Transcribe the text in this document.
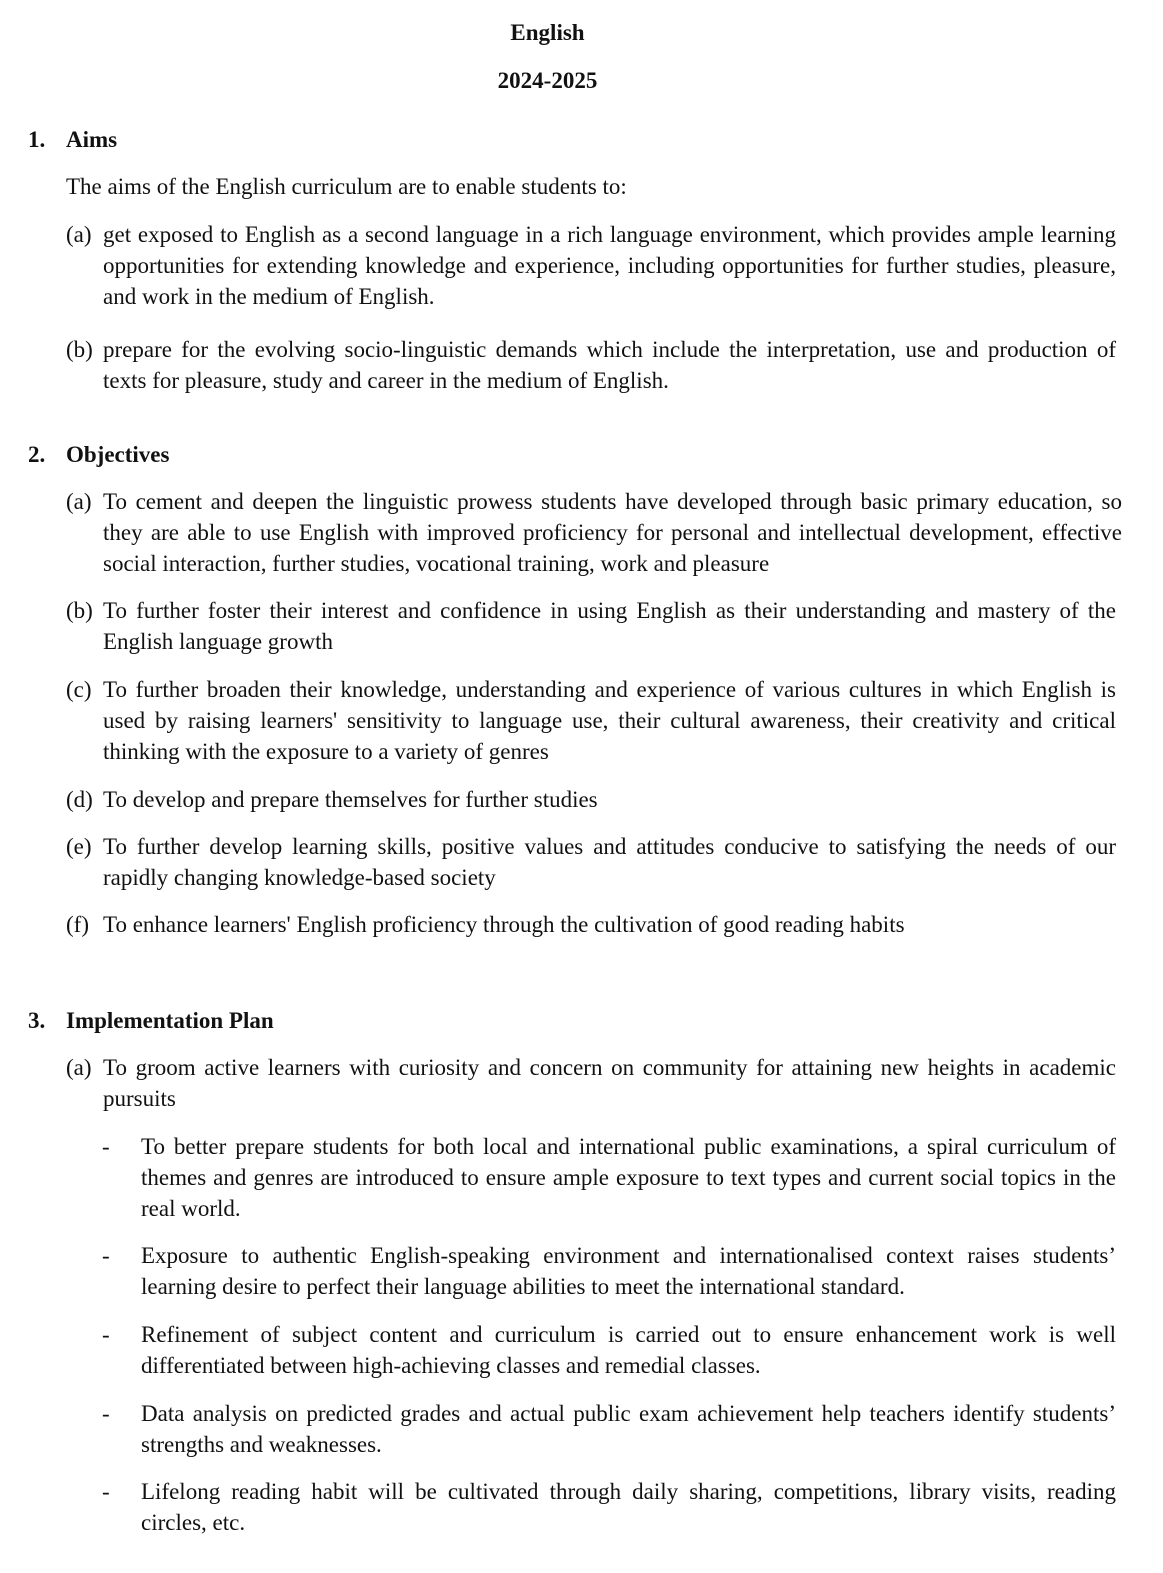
English
2024-2025
1. Aims
The aims of the English curriculum are to enable students to:
(a) get exposed to English as a second language in a rich language environment, which provides ample learning opportunities for extending knowledge and experience, including opportunities for further studies, pleasure, and work in the medium of English.
(b) prepare for the evolving socio-linguistic demands which include the interpretation, use and production of texts for pleasure, study and career in the medium of English.
2. Objectives
(a) To cement and deepen the linguistic prowess students have developed through basic primary education, so they are able to use English with improved proficiency for personal and intellectual development, effective social interaction, further studies, vocational training, work and pleasure
(b) To further foster their interest and confidence in using English as their understanding and mastery of the English language growth
(c) To further broaden their knowledge, understanding and experience of various cultures in which English is used by raising learners' sensitivity to language use, their cultural awareness, their creativity and critical thinking with the exposure to a variety of genres
(d) To develop and prepare themselves for further studies
(e) To further develop learning skills, positive values and attitudes conducive to satisfying the needs of our rapidly changing knowledge-based society
(f) To enhance learners' English proficiency through the cultivation of good reading habits
3. Implementation Plan
(a) To groom active learners with curiosity and concern on community for attaining new heights in academic pursuits
-	To better prepare students for both local and international public examinations, a spiral curriculum of themes and genres are introduced to ensure ample exposure to text types and current social topics in the real world.
-	Exposure to authentic English-speaking environment and internationalised context raises students’ learning desire to perfect their language abilities to meet the international standard.
-	Refinement of subject content and curriculum is carried out to ensure enhancement work is well differentiated between high-achieving classes and remedial classes.
-	Data analysis on predicted grades and actual public exam achievement help teachers identify students’ strengths and weaknesses.
-	Lifelong reading habit will be cultivated through daily sharing, competitions, library visits, reading circles, etc.
